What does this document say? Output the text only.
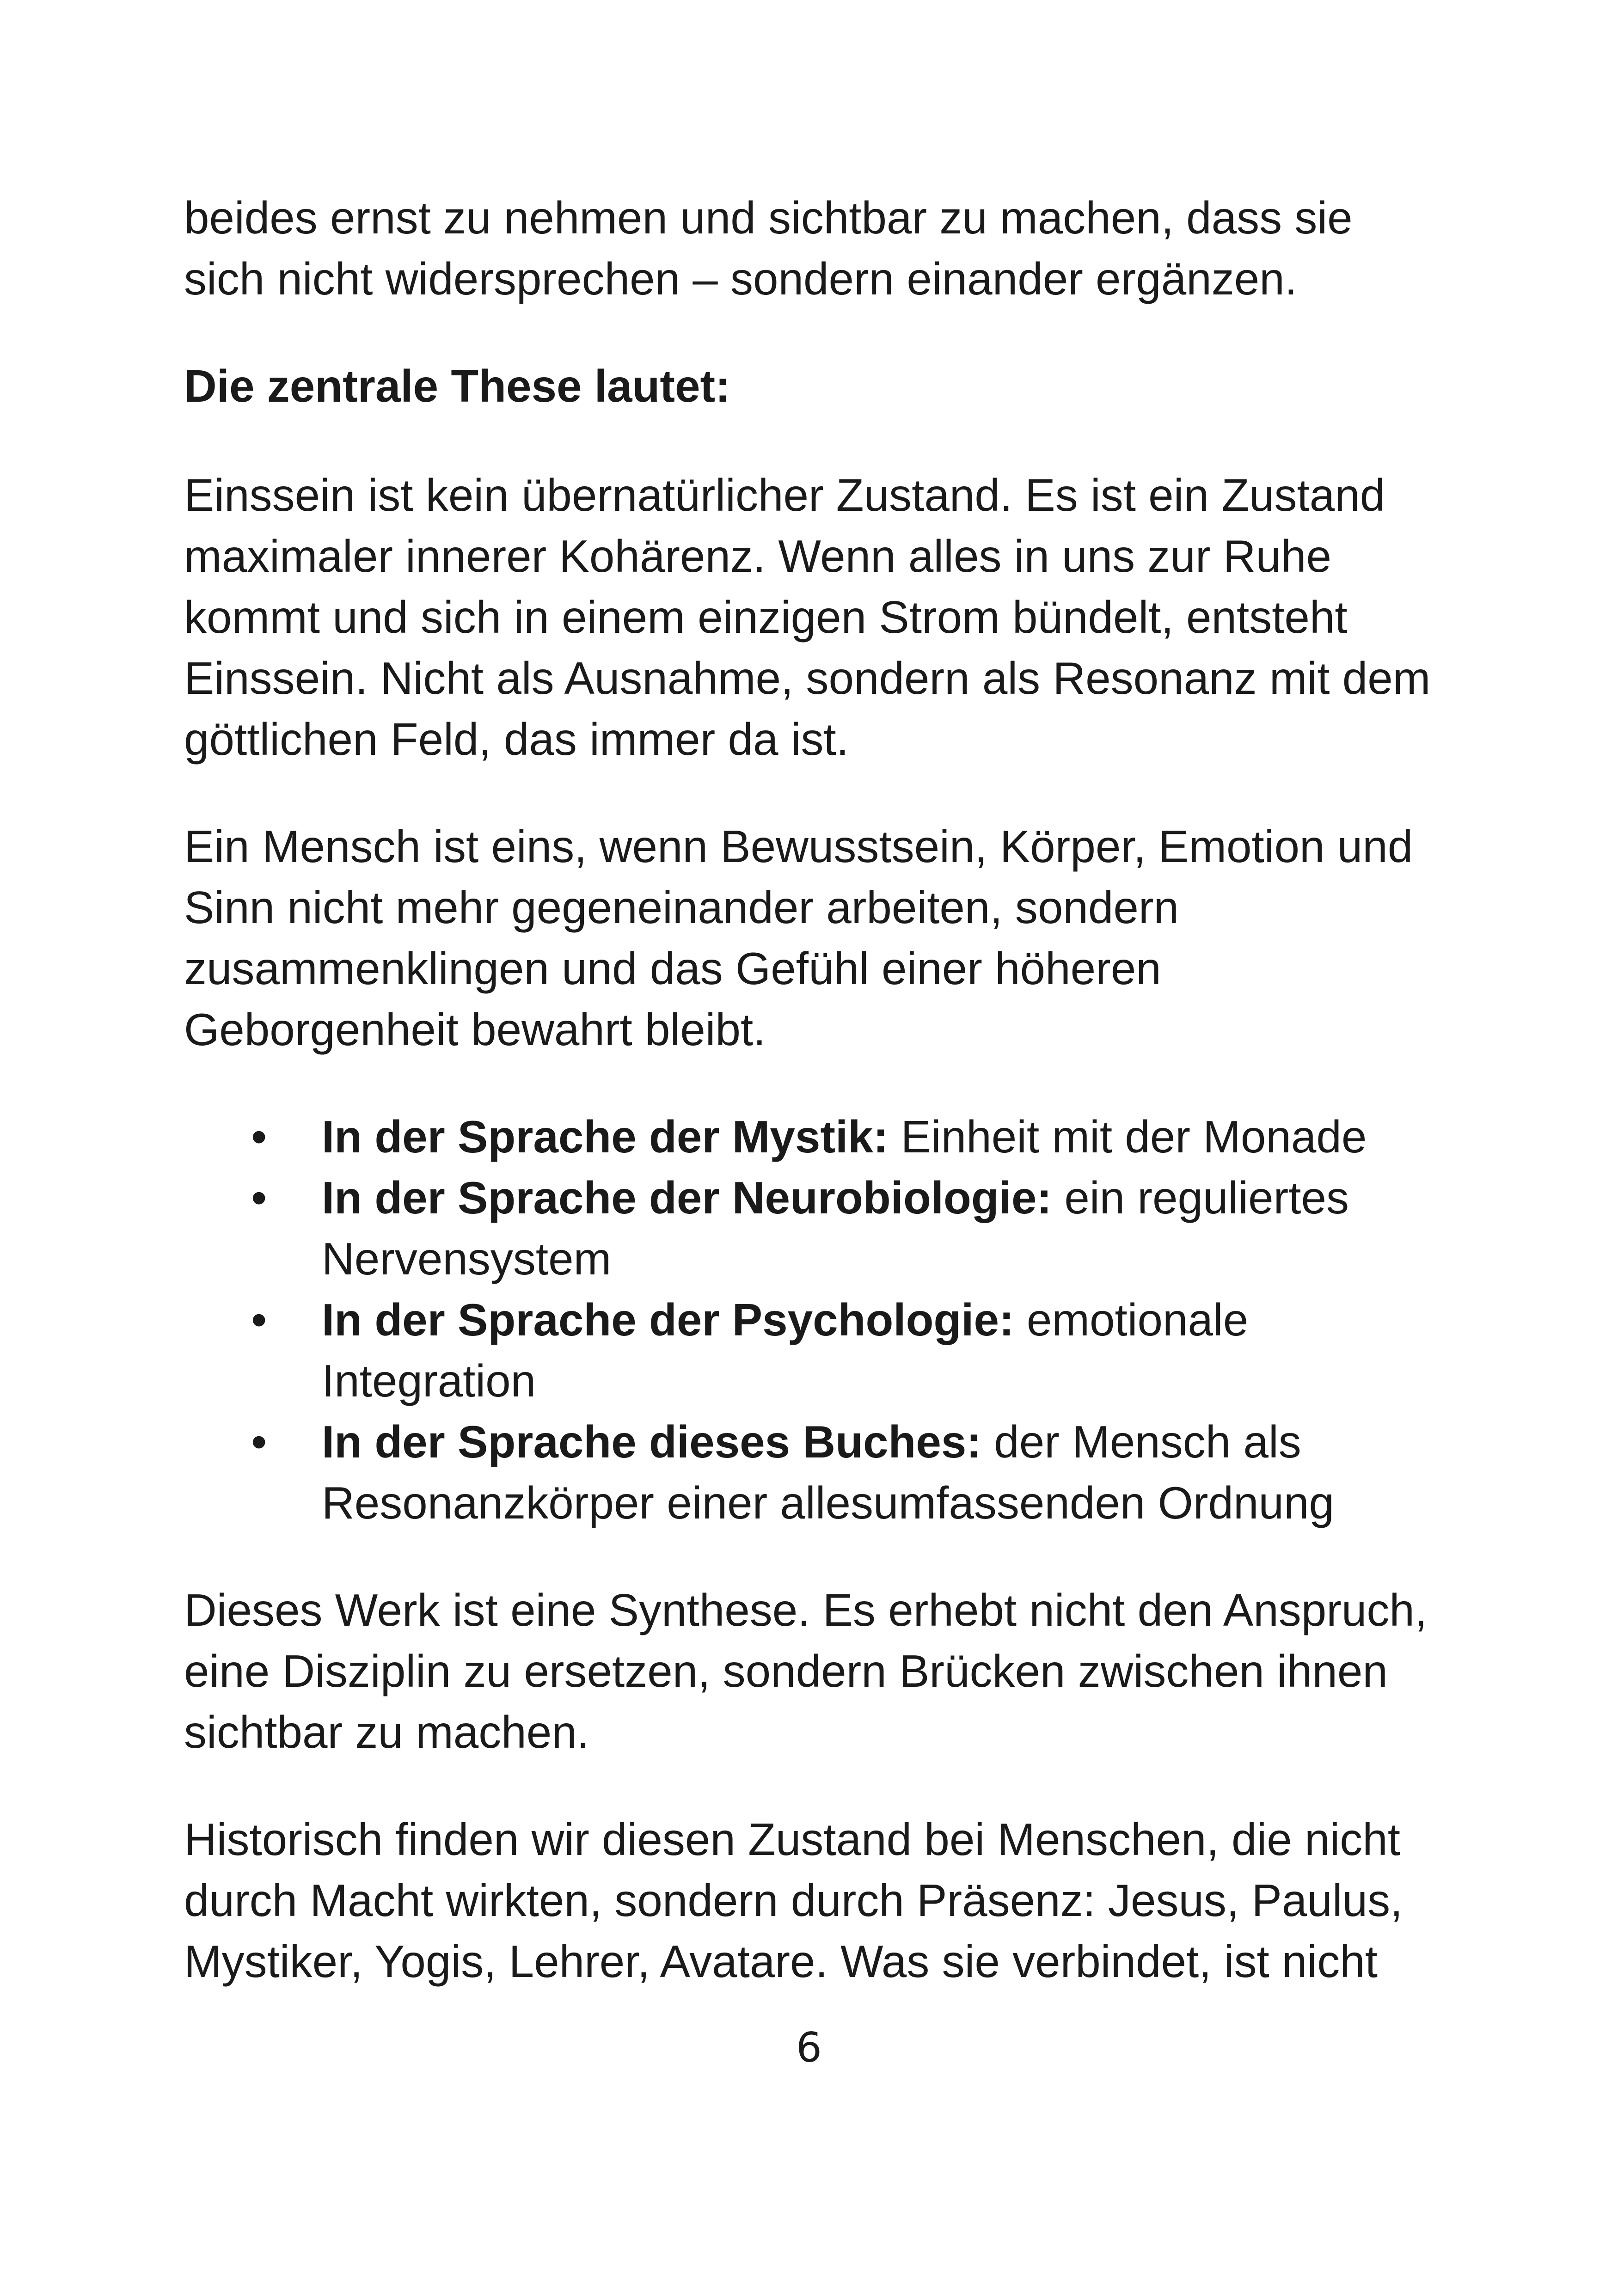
beides ernst zu nehmen und sichtbar zu machen, dass sie sich nicht widersprechen – sondern einander ergänzen.

Die zentrale These lautet:

Einssein ist kein übernatürlicher Zustand. Es ist ein Zustand maximaler innerer Kohärenz. Wenn alles in uns zur Ruhe kommt und sich in einem einzigen Strom bündelt, entsteht Einssein. Nicht als Ausnahme, sondern als Resonanz mit dem göttlichen Feld, das immer da ist.

Ein Mensch ist eins, wenn Bewusstsein, Körper, Emotion und Sinn nicht mehr gegeneinander arbeiten, sondern zusammenklingen und das Gefühl einer höheren Geborgenheit bewahrt bleibt.

• In der Sprache der Mystik: Einheit mit der Monade
• In der Sprache der Neurobiologie: ein reguliertes Nervensystem
• In der Sprache der Psychologie: emotionale Integration
• In der Sprache dieses Buches: der Mensch als Resonanzkörper einer allesumfassenden Ordnung

Dieses Werk ist eine Synthese. Es erhebt nicht den Anspruch, eine Disziplin zu ersetzen, sondern Brücken zwischen ihnen sichtbar zu machen.

Historisch finden wir diesen Zustand bei Menschen, die nicht durch Macht wirkten, sondern durch Präsenz: Jesus, Paulus, Mystiker, Yogis, Lehrer, Avatare. Was sie verbindet, ist nicht

6
